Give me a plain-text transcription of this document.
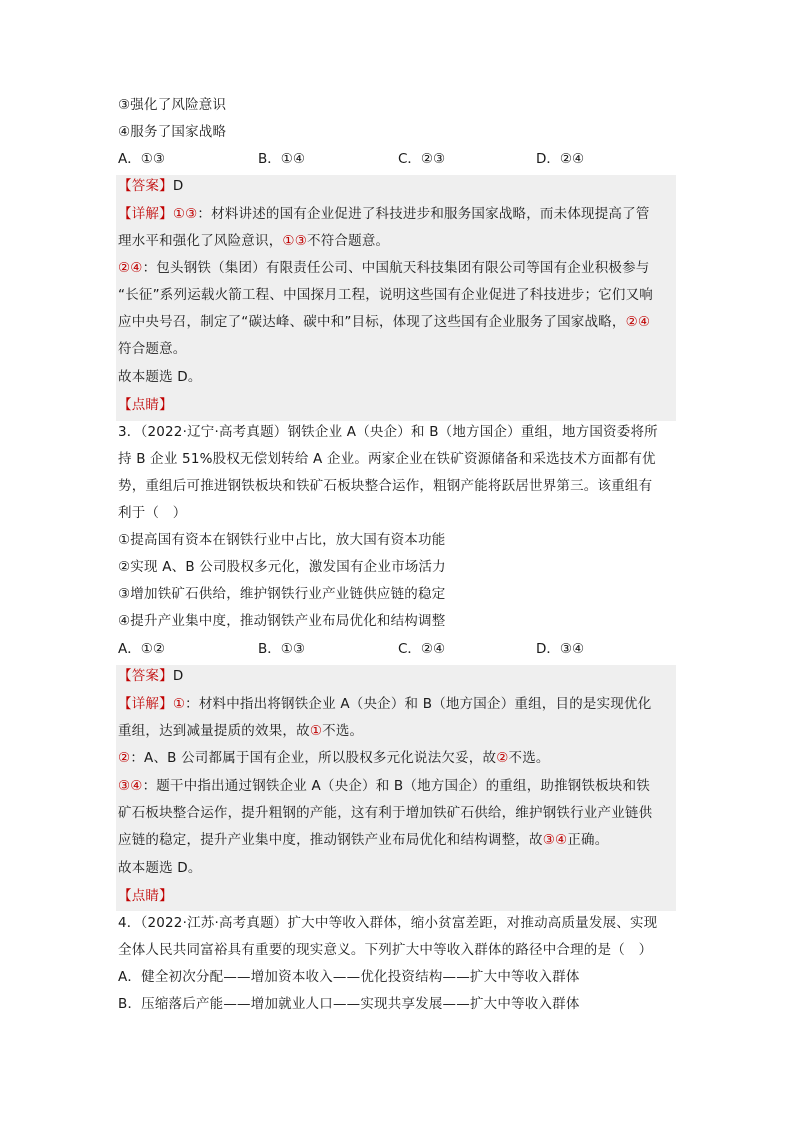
③强化了风险意识
④服务了国家战略
A．①③	B．①④	C．②③	D．②④
【答案】D
【详解】①③：材料讲述的国有企业促进了科技进步和服务国家战略，而未体现提高了管
理水平和强化了风险意识，①③不符合题意。
②④：包头钢铁（集团）有限责任公司、中国航天科技集团有限公司等国有企业积极参与
“长征”系列运载火箭工程、中国探月工程，说明这些国有企业促进了科技进步；它们又响
应中央号召，制定了“碳达峰、碳中和”目标，体现了这些国有企业服务了国家战略，②④
符合题意。
故本题选 D。
【点睛】
3．（2022·辽宁·高考真题）钢铁企业 A（央企）和 B（地方国企）重组，地方国资委将所
持 B 企业 51%股权无偿划转给 A 企业。两家企业在铁矿资源储备和采选技术方面都有优
势，重组后可推进钢铁板块和铁矿石板块整合运作，粗钢产能将跃居世界第三。该重组有
利于（　）
①提高国有资本在钢铁行业中占比，放大国有资本功能
②实现 A、B 公司股权多元化，激发国有企业市场活力
③增加铁矿石供给，维护钢铁行业产业链供应链的稳定
④提升产业集中度，推动钢铁产业布局优化和结构调整
A．①②	B．①③	C．②④	D．③④
【答案】D
【详解】①：材料中指出将钢铁企业 A（央企）和 B（地方国企）重组，目的是实现优化
重组，达到减量提质的效果，故①不选。
②：A、B 公司都属于国有企业，所以股权多元化说法欠妥，故②不选。
③④：题干中指出通过钢铁企业 A（央企）和 B（地方国企）的重组，助推钢铁板块和铁
矿石板块整合运作，提升粗钢的产能，这有利于增加铁矿石供给，维护钢铁行业产业链供
应链的稳定，提升产业集中度，推动钢铁产业布局优化和结构调整，故③④正确。
故本题选 D。
【点睛】
4．（2022·江苏·高考真题）扩大中等收入群体，缩小贫富差距，对推动高质量发展、实现
全体人民共同富裕具有重要的现实意义。下列扩大中等收入群体的路径中合理的是（　）
A．健全初次分配——增加资本收入——优化投资结构——扩大中等收入群体
B．压缩落后产能——增加就业人口——实现共享发展——扩大中等收入群体
